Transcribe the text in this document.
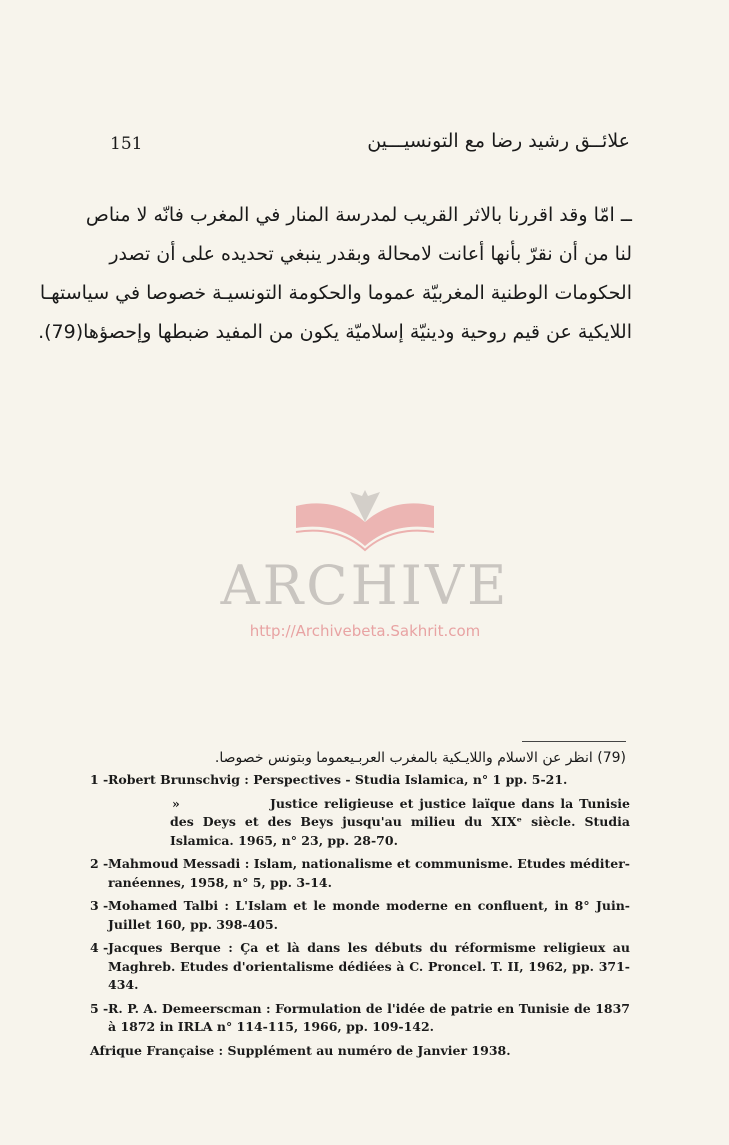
151	علائــق رشيد رضا مع التونسيـــين
ــ امّا وقد اقررنا بالاثر القريب لمدرسة المنار في المغرب فانّه لا مناص
لنا من أن نقرّ بأنها أعانت لامحالة وبقدر ينبغي تحديده على أن تصدر
الحكومات الوطنية المغربيّة عموما والحكومة التونسيـة خصوصا في سياستهـا
اللايكية عن قيم روحية ودينيّة إسلاميّة يكون من المفيد ضبطها وإحصؤها(79).
ARCHIVE
http://Archivebeta.Sakhrit.com
(79) انظر عن الاسلام واللايـكية بالمغرب العربـيعموما وبتونس خصوصا.
1 - Robert Brunschvig : Perspectives - Studia Islamica, n° 1 pp. 5-21.
»	Justice religieuse et justice laïque dans la Tunisie des Deys et des Beys jusqu'au milieu du XIXᵉ siècle. Studia Islamica. 1965, n° 23, pp. 28-70.
2 - Mahmoud Messadi : Islam, nationalisme et communisme. Etudes méditer-ranéennes, 1958, n° 5, pp. 3-14.
3 - Mohamed Talbi : L'Islam et le monde moderne en confluent, in 8° Juin-Juillet 160, pp. 398-405.
4 - Jacques Berque : Ça et là dans les débuts du réformisme religieux au Maghreb. Etudes d'orientalisme dédiées à C. Proncel. T. II, 1962, pp. 371-434.
5 - R. P. A. Demeerscman : Formulation de l'idée de patrie en Tunisie de 1837 à 1872 in IRLA n° 114-115, 1966, pp. 109-142.
Afrique Française : Supplément au numéro de Janvier 1938.
